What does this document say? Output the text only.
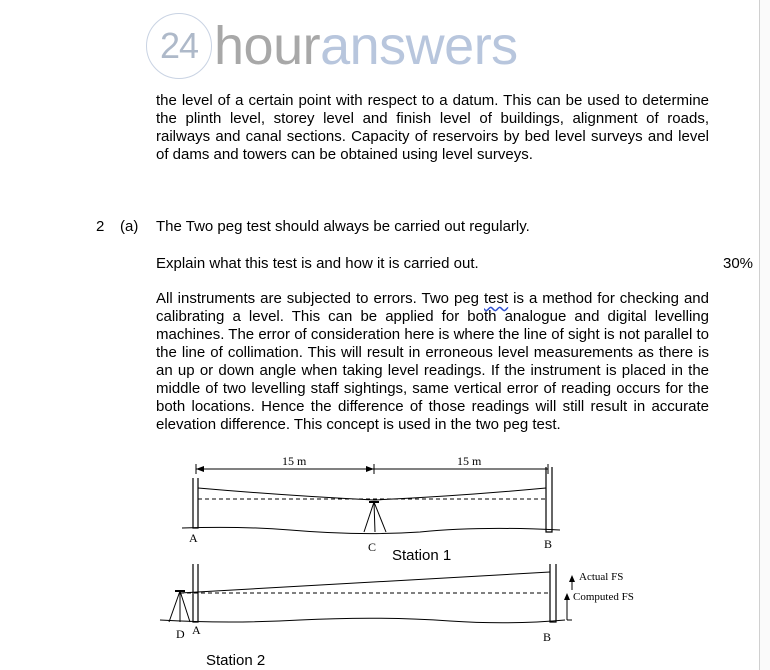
24 houranswers
the level of a certain point with respect to a datum. This can be used to determine the plinth level, storey level and finish level of buildings, alignment of roads, railways and canal sections. Capacity of reservoirs by bed level surveys and level of dams and towers can be obtained using level surveys.
2 (a) The Two peg test should always be carried out regularly.
Explain what this test is and how it is carried out.	30%
All instruments are subjected to errors. Two peg test is a method for checking and calibrating a level. This can be applied for both analogue and digital levelling machines. The error of consideration here is where the line of sight is not parallel to the line of collimation. This will result in erroneous level measurements as there is an up or down angle when taking level readings. If the instrument is placed in the middle of two levelling staff sightings, same vertical error of reading occurs for the both locations. Hence the difference of those readings will still result in accurate elevation difference. This concept is used in the two peg test.
15 m	15 m
A
C	B
Actual FS
Computed FS
D A	B
Station 1
Station 2
